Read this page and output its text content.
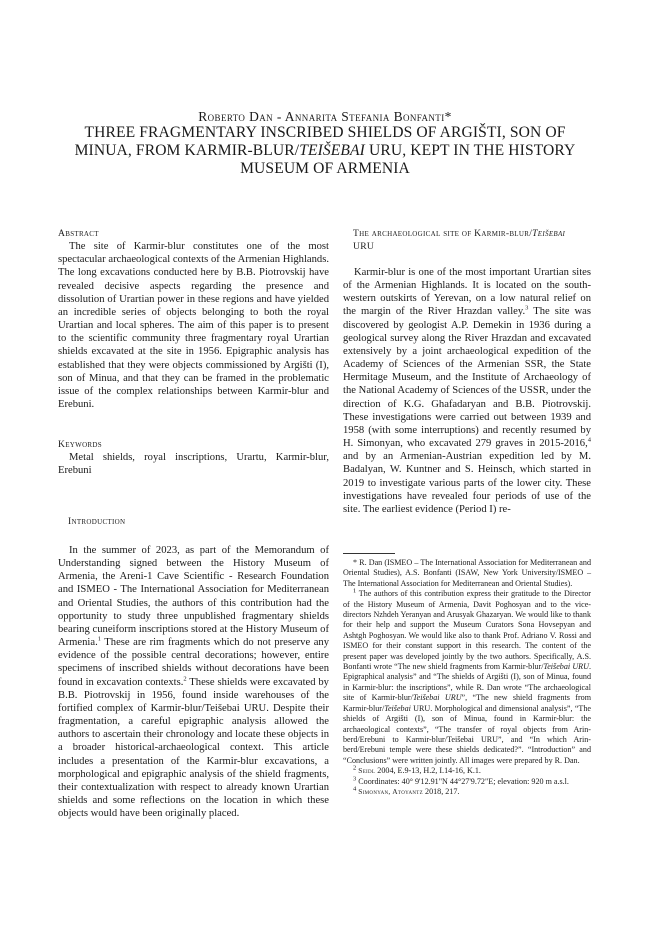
Roberto Dan - Annarita Stefania Bonfanti*
THREE FRAGMENTARY INSCRIBED SHIELDS OF ARGIŠTI, SON OF MINUA, FROM KARMIR-BLUR/TEIŠEBAI URU, KEPT IN THE HISTORY MUSEUM OF ARMENIA
Abstract

The site of Karmir-blur constitutes one of the most spectacular archaeological contexts of the Armenian Highlands. The long excavations conducted here by B.B. Piotrovskij have revealed decisive aspects regarding the presence and dissolution of Urartian power in these regions and have yielded an incredible series of objects belonging to both the royal Urartian and local spheres. The aim of this paper is to present to the scientific community three fragmentary royal Urartian shields excavated at the site in 1956. Epigraphic analysis has established that they were objects commissioned by Argišti (I), son of Minua, and that they can be framed in the problematic issue of the complex relationships between Karmir-blur and Erebuni.

Keywords

Metal shields, royal inscriptions, Urartu, Karmir-blur, Erebuni

Introduction

In the summer of 2023, as part of the Memorandum of Understanding signed between the History Museum of Armenia, the Areni-1 Cave Scientific - Research Foundation and ISMEO - The International Association for Mediterranean and Oriental Studies, the authors of this contribution had the opportunity to study three unpublished fragmentary shields bearing cuneiform inscriptions stored at the History Museum of Armenia.$^1$ These are rim fragments which do not preserve any evidence of the possible central decorations; however, entire specimens of inscribed shields without decorations have been found in excavation contexts.$^2$ These shields were excavated by B.B. Piotrovskij in 1956, found inside warehouses of the fortified complex of Karmir-blur/Teišebai URU. Despite their fragmentation, a careful epigraphic analysis allowed the authors to ascertain their chronology and locate these objects in a broader historical-archaeological context. This article includes a presentation of the Karmir-blur excavations, a morphological and epigraphic analysis of the shield fragments, their contextualization with respect to already known Urartian shields and some reflections on the location in which these objects would have been originally placed.

The archaeological site of Karmir-blur/Teišebai
URU

Karmir-blur is one of the most important Urartian sites of the Armenian Highlands. It is located on the south-western outskirts of Yerevan, on a low natural relief on the margin of the River Hrazdan valley.$^3$ The site was discovered by geologist A.P. Demekin in 1936 during a geological survey along the River Hrazdan and excavated extensively by a joint archaeological expedition of the Academy of Sciences of the Armenian SSR, the State Hermitage Museum, and the Institute of Archaeology of the National Academy of Sciences of the USSR, under the direction of K.G. Ghafadaryan and B.B. Piotrovskij. These investigations were carried out between 1939 and 1958 (with some interruptions) and recently resumed by H. Simonyan, who excavated 279 graves in 2015-2016,$^4$ and by an Armenian-Austrian expedition led by M. Badalyan, W. Kuntner and S. Heinsch, which started in 2019 to investigate various parts of the lower city. These investigations have revealed four periods of use of the site. The earliest evidence (Period I) re-

* R. Dan (ISMEO – The International Association for Mediterranean and Oriental Studies), A.S. Bonfanti (ISAW, New York University/ISMEO – The International Association for Mediterranean and Oriental Studies).

$^1$ The authors of this contribution express their gratitude to the Director of the History Museum of Armenia, Davit Poghosyan and to the vice-directors Nzhdeh Yeranyan and Arusyak Ghazaryan. We would like to thank for their help and support the Museum Curators Sona Hovsepyan and Ashtgh Poghosyan. We would like also to thank Prof. Adriano V. Rossi and ISMEO for their constant support in this research. The content of the present paper was developed jointly by the two authors. Specifically, A.S. Bonfanti wrote “The new shield fragments from Karmir-blur/Teišebai URU. Epigraphical analysis” and “The shields of Argišti (I), son of Minua, found in Karmir-blur: the inscriptions”, while R. Dan wrote “The archaeological site of Karmir-blur/Teišebai URU”, “The new shield fragments from Karmir-blur/Teišebai URU. Morphological and dimensional analysis”, “The shields of Argišti (I), son of Minua, found in Karmir-blur: the archaeological contexts”, “The transfer of royal objects from Arin-berd/Erebuni to Karmir-blur/Teišebai URU”, and “In which Arin-berd/Erebuni temple were these shields dedicated?”. “Introduction” and “Conclusions” were written jointly. All images were prepared by R. Dan.

$^2$ Seidl 2004, E.9-13, H.2, I.14-16, K.1.

$^3$ Coordinates: 40° 9'12.91"N 44°27'9.72"E; elevation: 920 m a.s.l.

$^4$ Simonyan, Atoyantz 2018, 217.
